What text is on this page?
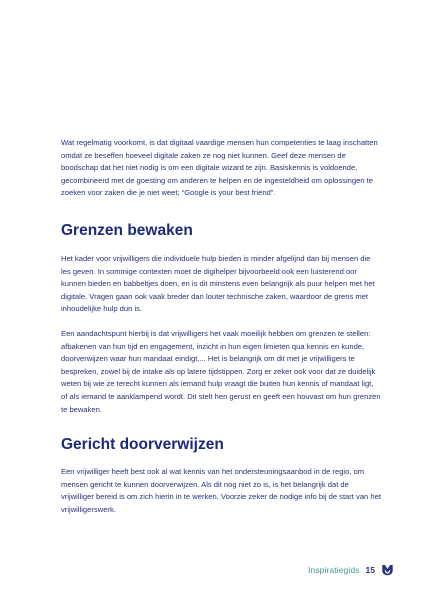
Wat regelmatig voorkomt, is dat digitaal vaardige mensen hun competenties te laag inschatten omdat ze beseffen hoeveel digitale zaken ze nog niet kunnen. Geef deze mensen de boodschap dat het niet nodig is om een digitale wizard te zijn. Basiskennis is voldoende, gecombineerd met de goesting om anderen te helpen en de ingesteldheid om oplossingen te zoeken voor zaken die je niet weet; “Google is your best friend”.

Grenzen bewaken

Het kader voor vrijwilligers die individuele hulp bieden is minder afgelijnd dan bij mensen die les geven. In sommige contexten moet de digihelper bijvoorbeeld ook een luisterend oor kunnen bieden en babbeltjes doen, en is dit minstens even belangrijk als puur helpen met het digitale. Vragen gaan ook vaak breder dan louter technische zaken, waardoor de grens met inhoudelijke hulp dun is.

Een aandachtspunt hierbij is dat vrijwilligers het vaak moeilijk hebben om grenzen te stellen: afbakenen van hun tijd en engagement, inzicht in hun eigen limieten qua kennis en kunde, doorverwijzen waar hun mandaat eindigt,... Het is belangrijk om dit met je vrijwilligers te bespreken, zowel bij de intake als op latere tijdstippen. Zorg er zeker ook voor dat ze duidelijk weten bij wie ze terecht kunnen als iemand hulp vraagt die buiten hun kennis of mandaat ligt, of als iemand te aanklampend wordt. Dit stelt hen gerust en geeft een houvast om hun grenzen te bewaken.

Gericht doorverwijzen

Een vrijwilliger heeft best ook al wat kennis van het ondersteuningsaanbod in de regio, om mensen gericht te kunnen doorverwijzen. Als dit nog niet zo is, is het belangrijk dat de vrijwilliger bereid is om zich hierin in te werken. Voorzie zeker de nodige info bij de start van het vrijwilligerswerk.

Inspiratiegids 15
